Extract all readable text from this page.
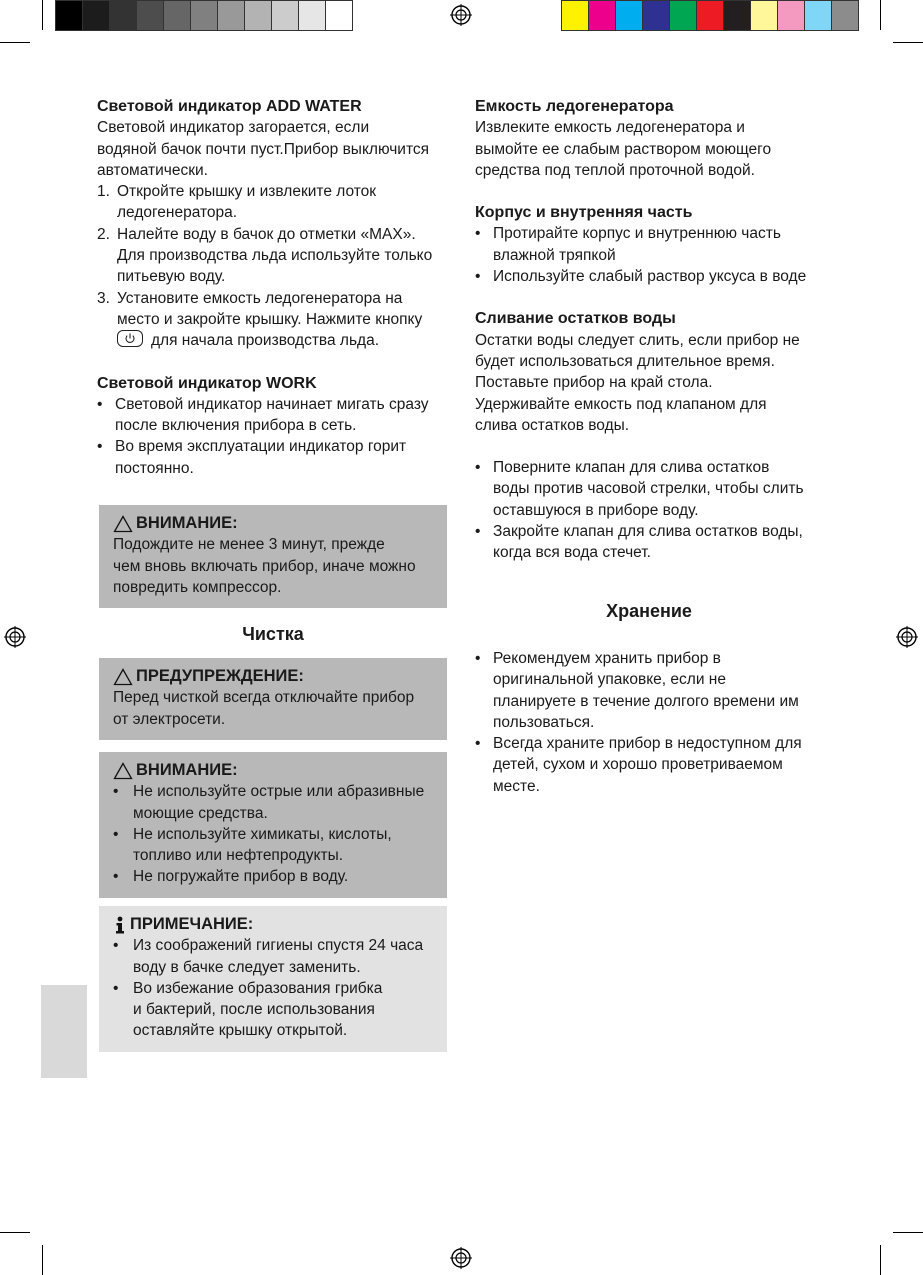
Световой индикатор ADD WATER

Световой индикатор загорается, если

водяной бачок почти пуст.Прибор выключится

автоматически.

1. Откройте крышку и извлеките лоток
ледогенератора.
2. Налейте воду в бачок до отметки «MAX».
Для производства льда используйте только
питьевую воду.
3. Установите емкость ледогенератора на
место и закройте крышку. Нажмите кнопку

для начала производства льда.

Световой индикатор WORK

• Световой индикатор начинает мигать сразу
после включения прибора в сеть.
• Во время эксплуатации индикатор горит
постоянно.
ВНИМАНИЕ:

Подождите не менее 3 минут, прежде

чем вновь включать прибор, иначе можно

повредить компрессор.

Чистка
ПРЕДУПРЕЖДЕНИЕ:

Перед чисткой всегда отключайте прибор

от электросети.

ВНИМАНИЕ:
• Не используйте острые или абразивные
моющие средства.
• Не используйте химикаты, кислоты,
топливо или нефтепродукты.
• Не погружайте прибор в воду.
ПРИМЕЧАНИЕ:
• Из соображений гигиены спустя 24 часа
воду в бачке следует заменить.
• Во избежание образования грибка
и бактерий, после использования
оставляйте крышку открытой.

Емкость ледогенератора

Извлеките емкость ледогенератора и

вымойте ее слабым раствором моющего

средства под теплой проточной водой.

Корпус и внутренняя часть

• Протирайте корпус и внутреннюю часть
влажной тряпкой
• Используйте слабый раствор уксуса в воде

Сливание остатков воды

Остатки воды следует слить, если прибор не

будет использоваться длительное время.

Поставьте прибор на край стола.

Удерживайте емкость под клапаном для

слива остатков воды.

• Поверните клапан для слива остатков
воды против часовой стрелки, чтобы слить
оставшуюся в приборе воду.
• Закройте клапан для слива остатков воды,
когда вся вода стечет.
Хранение
• Рекомендуем хранить прибор в
оригинальной упаковке, если не
планируете в течение долгого времени им
пользоваться.
• Всегда храните прибор в недоступном для
детей, сухом и хорошо проветриваемом
месте.
